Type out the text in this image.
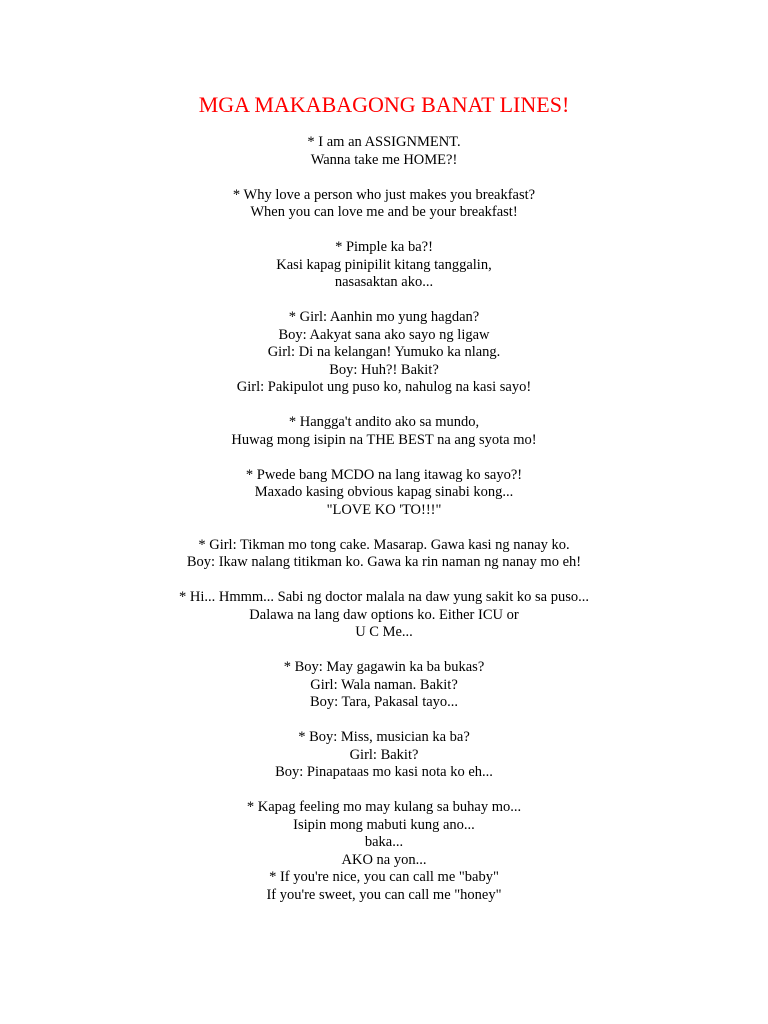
MGA MAKABAGONG BANAT LINES!
* I am an ASSIGNMENT.
Wanna take me HOME?!
* Why love a person who just makes you breakfast?
When you can love me and be your breakfast!
* Pimple ka ba?!
Kasi kapag pinipilit kitang tanggalin,
nasasaktan ako...
* Girl: Aanhin mo yung hagdan?
Boy: Aakyat sana ako sayo ng ligaw
Girl: Di na kelangan! Yumuko ka nlang.
Boy: Huh?! Bakit?
Girl: Pakipulot ung puso ko, nahulog na kasi sayo!
* Hangga't andito ako sa mundo,
Huwag mong isipin na THE BEST na ang syota mo!
* Pwede bang MCDO na lang itawag ko sayo?!
Maxado kasing obvious kapag sinabi kong...
"LOVE KO 'TO!!!"
* Girl: Tikman mo tong cake. Masarap. Gawa kasi ng nanay ko.
Boy: Ikaw nalang titikman ko. Gawa ka rin naman ng nanay mo eh!
* Hi... Hmmm... Sabi ng doctor malala na daw yung sakit ko sa puso...
Dalawa na lang daw options ko. Either ICU or
U C Me...
* Boy: May gagawin ka ba bukas?
Girl: Wala naman. Bakit?
Boy: Tara, Pakasal tayo...
* Boy: Miss, musician ka ba?
Girl: Bakit?
Boy: Pinapataas mo kasi nota ko eh...
* Kapag feeling mo may kulang sa buhay mo...
Isipin mong mabuti kung ano...
baka...
AKO na yon...
* If you're nice, you can call me "baby"
If you're sweet, you can call me "honey"
